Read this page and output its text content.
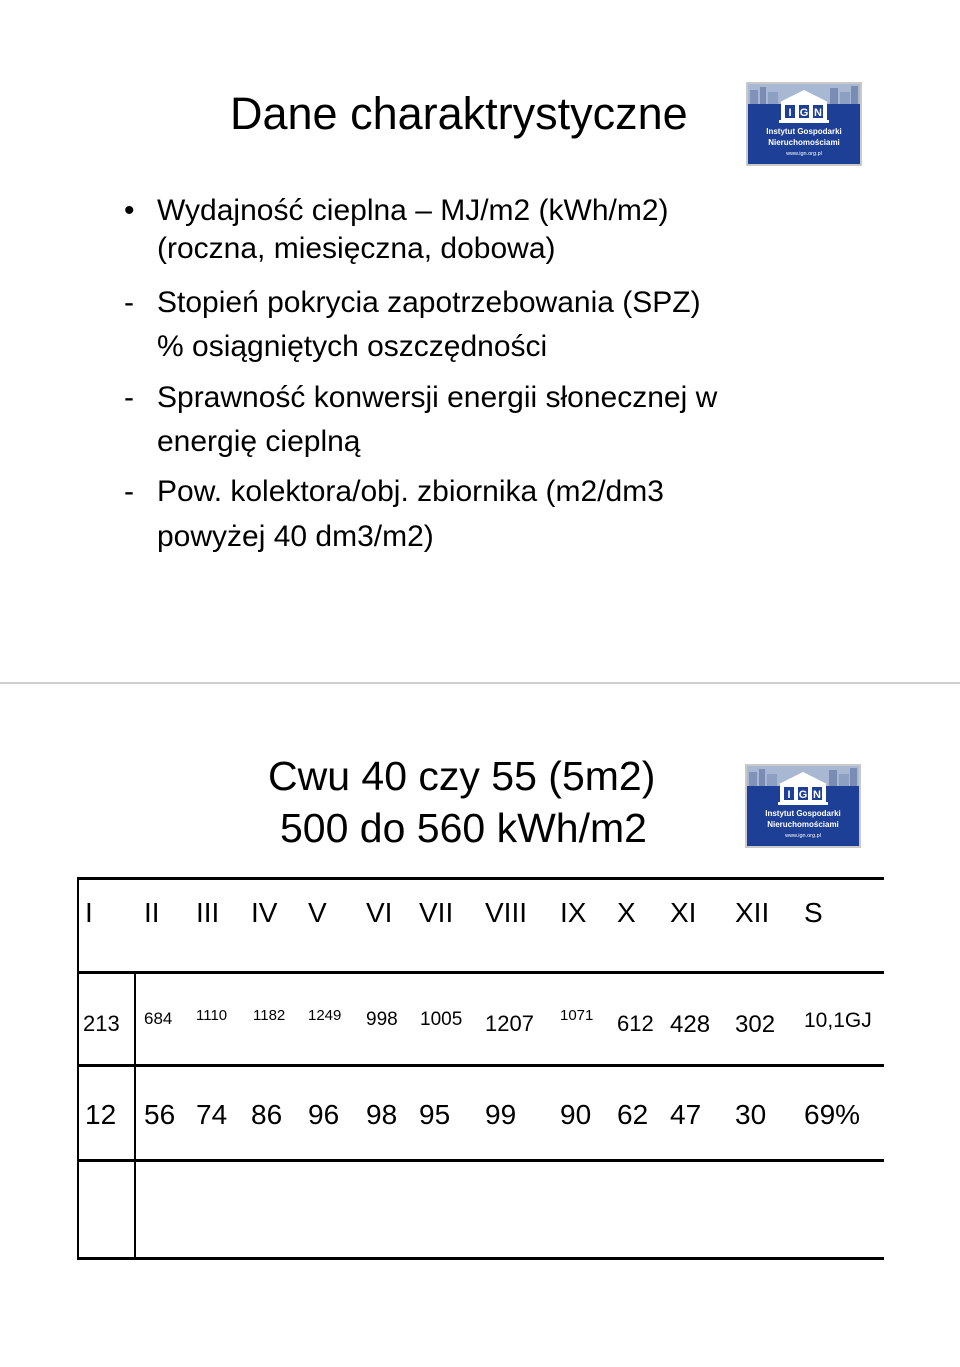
Dane charaktrystyczne	I G N
Instytut Gospodarki
Nieruchomościami
www.ign.org.pl
• Wydajność cieplna – MJ/m2 (kWh/m2)
(roczna, miesięczna, dobowa)
- Stopień pokrycia zapotrzebowania (SPZ)
% osiągniętych oszczędności
- Sprawność konwersji energii słonecznej w
energię cieplną
- Pow. kolektora/obj. zbiornika (m2/dm3
powyżej 40 dm3/m2)
Cwu 40 czy 55 (5m2)
500 do 560 kWh/m2
I G N
Instytut Gospodarki
Nieruchomościami
www.ign.org.pl
I II III IV V VI VII VIII IX X XI XII S
213 684 1110 1182 1249 998 1005 1207 1071 612 428 302 10,1GJ
12 56 74 86 96 98 95 99 90 62 47 30 69%
